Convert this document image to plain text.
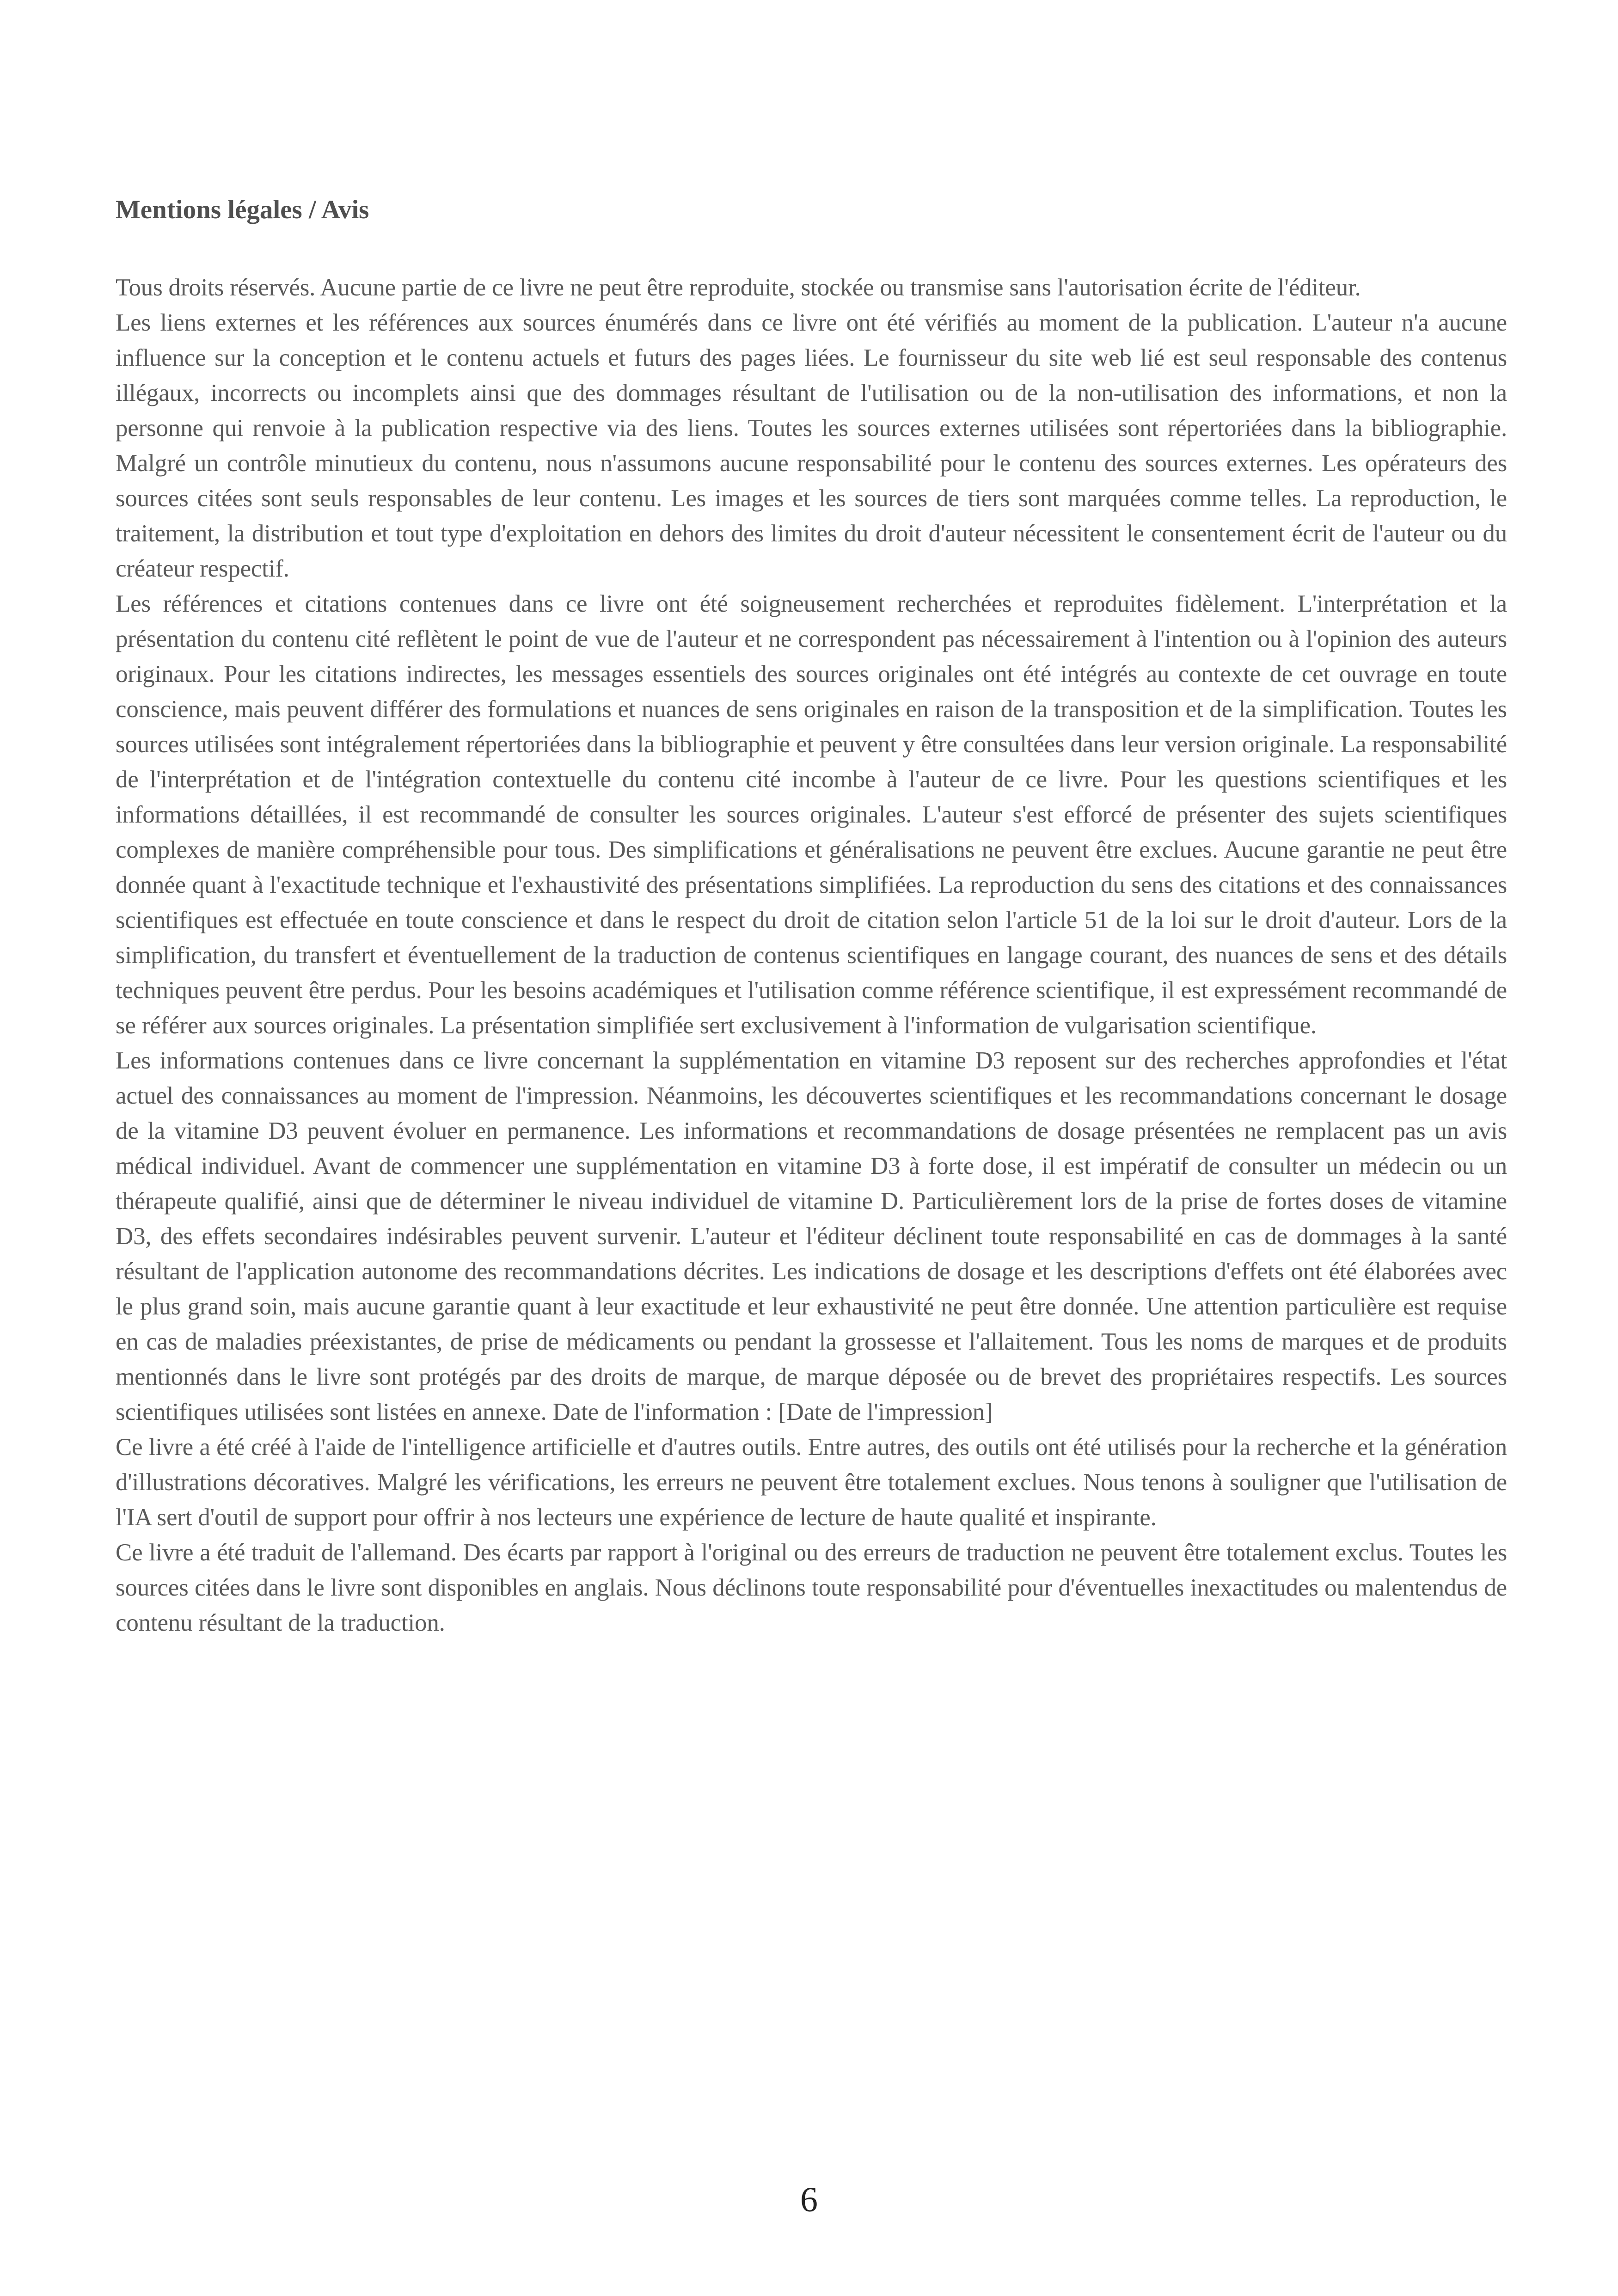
Mentions légales / Avis

Tous droits réservés. Aucune partie de ce livre ne peut être reproduite, stockée ou transmise sans l'autorisation écrite de l'éditeur.

Les liens externes et les références aux sources énumérés dans ce livre ont été vérifiés au moment de la publication. L'auteur n'a aucune influence sur la conception et le contenu actuels et futurs des pages liées. Le fournisseur du site web lié est seul responsable des contenus illégaux, incorrects ou incomplets ainsi que des dommages résultant de l'utilisation ou de la non-utilisation des informations, et non la personne qui renvoie à la publication respective via des liens. Toutes les sources externes utilisées sont répertoriées dans la bibliographie. Malgré un contrôle minutieux du contenu, nous n'assumons aucune responsabilité pour le contenu des sources externes. Les opérateurs des sources citées sont seuls responsables de leur contenu. Les images et les sources de tiers sont marquées comme telles. La reproduction, le traitement, la distribution et tout type d'exploitation en dehors des limites du droit d'auteur nécessitent le consentement écrit de l'auteur ou du créateur respectif.

Les références et citations contenues dans ce livre ont été soigneusement recherchées et reproduites fidèlement. L'interprétation et la présentation du contenu cité reflètent le point de vue de l'auteur et ne correspondent pas nécessairement à l'intention ou à l'opinion des auteurs originaux. Pour les citations indirectes, les messages essentiels des sources originales ont été intégrés au contexte de cet ouvrage en toute conscience, mais peuvent différer des formulations et nuances de sens originales en raison de la transposition et de la simplification. Toutes les sources utilisées sont intégralement répertoriées dans la bibliographie et peuvent y être consultées dans leur version originale. La responsabilité de l'interprétation et de l'intégration contextuelle du contenu cité incombe à l'auteur de ce livre. Pour les questions scientifiques et les informations détaillées, il est recommandé de consulter les sources originales. L'auteur s'est efforcé de présenter des sujets scientifiques complexes de manière compréhensible pour tous. Des simplifications et généralisations ne peuvent être exclues. Aucune garantie ne peut être donnée quant à l'exactitude technique et l'exhaustivité des présentations simplifiées. La reproduction du sens des citations et des connaissances scientifiques est effectuée en toute conscience et dans le respect du droit de citation selon l'article 51 de la loi sur le droit d'auteur. Lors de la simplification, du transfert et éventuellement de la traduction de contenus scientifiques en langage courant, des nuances de sens et des détails techniques peuvent être perdus. Pour les besoins académiques et l'utilisation comme référence scientifique, il est expressément recommandé de se référer aux sources originales. La présentation simplifiée sert exclusivement à l'information de vulgarisation scientifique.

Les informations contenues dans ce livre concernant la supplémentation en vitamine D3 reposent sur des recherches approfondies et l'état actuel des connaissances au moment de l'impression. Néanmoins, les découvertes scientifiques et les recommandations concernant le dosage de la vitamine D3 peuvent évoluer en permanence. Les informations et recommandations de dosage présentées ne remplacent pas un avis médical individuel. Avant de commencer une supplémentation en vitamine D3 à forte dose, il est impératif de consulter un médecin ou un thérapeute qualifié, ainsi que de déterminer le niveau individuel de vitamine D. Particulièrement lors de la prise de fortes doses de vitamine D3, des effets secondaires indésirables peuvent survenir. L'auteur et l'éditeur déclinent toute responsabilité en cas de dommages à la santé résultant de l'application autonome des recommandations décrites. Les indications de dosage et les descriptions d'effets ont été élaborées avec le plus grand soin, mais aucune garantie quant à leur exactitude et leur exhaustivité ne peut être donnée. Une attention particulière est requise en cas de maladies préexistantes, de prise de médicaments ou pendant la grossesse et l'allaitement. Tous les noms de marques et de produits mentionnés dans le livre sont protégés par des droits de marque, de marque déposée ou de brevet des propriétaires respectifs. Les sources scientifiques utilisées sont listées en annexe. Date de l'information : [Date de l'impression]

Ce livre a été créé à l'aide de l'intelligence artificielle et d'autres outils. Entre autres, des outils ont été utilisés pour la recherche et la génération d'illustrations décoratives. Malgré les vérifications, les erreurs ne peuvent être totalement exclues. Nous tenons à souligner que l'utilisation de l'IA sert d'outil de support pour offrir à nos lecteurs une expérience de lecture de haute qualité et inspirante.

Ce livre a été traduit de l'allemand. Des écarts par rapport à l'original ou des erreurs de traduction ne peuvent être totalement exclus. Toutes les sources citées dans le livre sont disponibles en anglais. Nous déclinons toute responsabilité pour d'éventuelles inexactitudes ou malentendus de contenu résultant de la traduction.

6
